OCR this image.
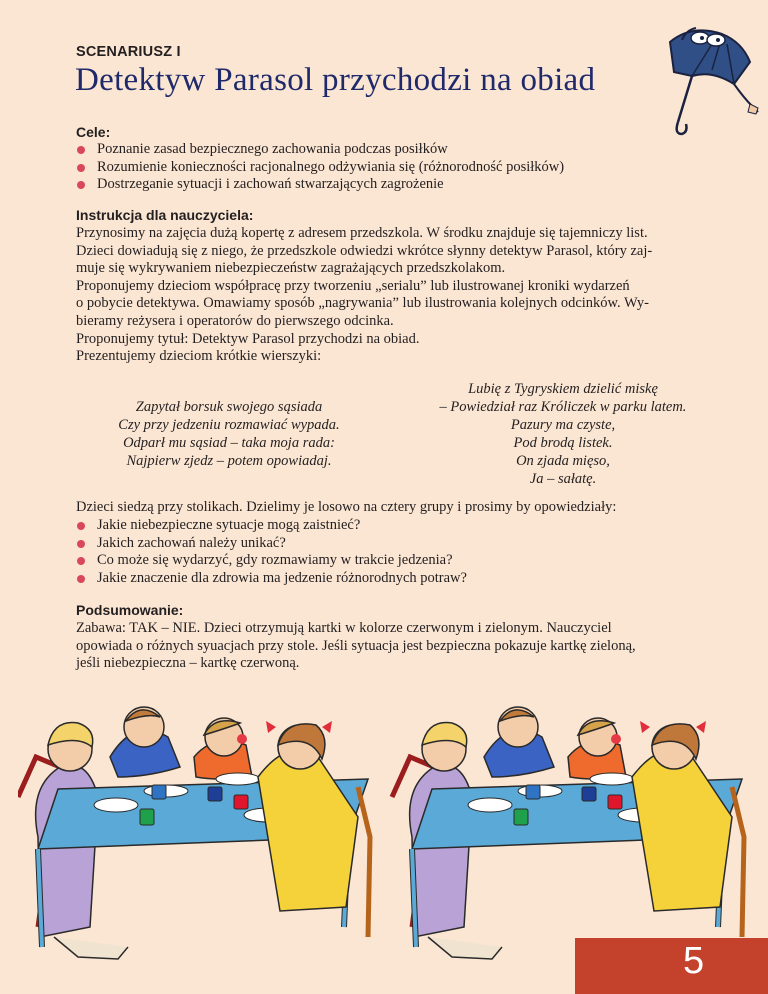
SCENARIUSZ I
Detektyw Parasol przychodzi na obiad
Cele:
Poznanie zasad bezpiecznego zachowania podczas posiłków
Rozumienie konieczności racjonalnego odżywiania się (różnorodność posiłków)
Dostrzeganie sytuacji i zachowań stwarzających zagrożenie
Instrukcja dla nauczyciela:
Przynosimy na zajęcia dużą kopertę z adresem przedszkola. W środku znajduje się tajemniczy list.
Dzieci dowiadują się z niego, że przedszkole odwiedzi wkrótce słynny detektyw Parasol, który zaj-
muje się wykrywaniem niebezpieczeństw zagrażających przedszkolakom.
Proponujemy dzieciom współpracę przy tworzeniu „serialu” lub ilustrowanej kroniki wydarzeń
o pobycie detektywa. Omawiamy sposób „nagrywania” lub ilustrowania kolejnych odcinków. Wy-
bieramy reżysera i operatorów do pierwszego odcinka.
Proponujemy tytuł: Detektyw Parasol przychodzi na obiad.
Prezentujemy dzieciom krótkie wierszyki:
Zapytał borsuk swojego sąsiada
Czy przy jedzeniu rozmawiać wypada.
Odparł mu sąsiad – taka moja rada:
Najpierw zjedz – potem opowiadaj.
Lubię z Tygryskiem dzielić miskę
– Powiedział raz Króliczek w parku latem.
Pazury ma czyste,
Pod brodą listek.
On zjada mięso,
Ja – sałatę.
Dzieci siedzą przy stolikach. Dzielimy je losowo na cztery grupy i prosimy by opowiedziały:
Jakie niebezpieczne sytuacje mogą zaistnieć?
Jakich zachowań należy unikać?
Co może się wydarzyć, gdy rozmawiamy w trakcie jedzenia?
Jakie znaczenie dla zdrowia ma jedzenie różnorodnych potraw?
Podsumowanie:
Zabawa: TAK – NIE. Dzieci otrzymują kartki w kolorze czerwonym i zielonym. Nauczyciel
opowiada o różnych syuacjach przy stole. Jeśli sytuacja jest bezpieczna pokazuje kartkę zieloną,
jeśli niebezpieczna – kartkę czerwoną.
5
